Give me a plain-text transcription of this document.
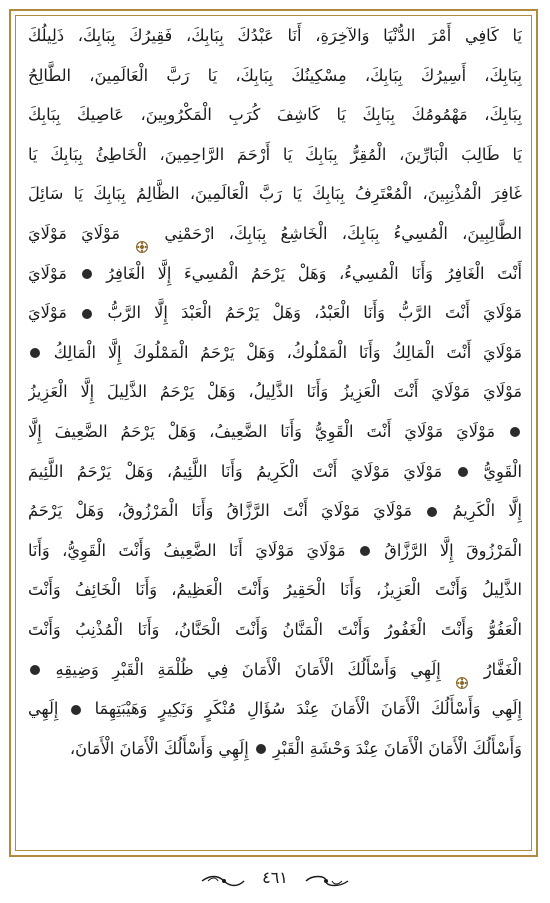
يَا كَافِي أَمْرَ الدُّنْيَا وَالآخِرَةِ، أَنَا عَبْدُكَ بِبَابِكَ، فَقِيرُكَ بِبَابِكَ، ذَلِيلُكَ
بِبَابِكَ، أَسِيرُكَ بِبَابِكَ، مِسْكِينُكَ بِبَابِكَ، يَا رَبَّ الْعَالَمِينَ، الطَّالِحُ
بِبَابِكَ، مَهْمُومُكَ بِبَابِكَ يَا كَاشِفَ كُرَبِ الْمَكْرُوبِينَ، عَاصِيكَ بِبَابِكَ
يَا طَالِبَ الْبَارِّينَ، الْمُقِرُّ بِبَابِكَ يَا أَرْحَمَ الرَّاحِمِينَ، الْخَاطِئُ بِبَابِكَ يَا
غَافِرَ الْمُذْنِبِينَ، الْمُعْتَرِفُ بِبَابِكَ يَا رَبَّ الْعَالَمِينَ، الظَّالِمُ بِبَابِكَ يَا سَائِلَ
الطَّالِبِينَ، الْمُسِيءُ بِبَابِكَ، الْخَاشِعُ بِبَابِكَ، ارْحَمْنِي  مَوْلَايَ مَوْلَايَ
أَنْتَ الْغَافِرُ وَأَنَا الْمُسِيءُ، وَهَلْ يَرْحَمُ الْمُسِيءَ إِلَّا الْغَافِرُ  مَوْلَايَ
مَوْلَايَ أَنْتَ الرَّبُّ وَأَنَا الْعَبْدُ، وَهَلْ يَرْحَمُ الْعَبْدَ إِلَّا الرَّبُّ  مَوْلَايَ
مَوْلَايَ أَنْتَ الْمَالِكُ وَأَنَا الْمَمْلُوكُ، وَهَلْ يَرْحَمُ الْمَمْلُوكَ إِلَّا الْمَالِكُ
مَوْلَايَ مَوْلَايَ أَنْتَ الْعَزِيزُ وَأَنَا الذَّلِيلُ، وَهَلْ يَرْحَمُ الذَّلِيلَ إِلَّا الْعَزِيزُ
مَوْلَايَ مَوْلَايَ أَنْتَ الْقَوِيُّ وَأَنَا الضَّعِيفُ، وَهَلْ يَرْحَمُ الضَّعِيفَ إِلَّا
الْقَوِيُّ  مَوْلَايَ مَوْلَايَ أَنْتَ الْكَرِيمُ وَأَنَا اللَّئِيمُ، وَهَلْ يَرْحَمُ اللَّئِيمَ
إِلَّا الْكَرِيمُ  مَوْلَايَ مَوْلَايَ أَنْتَ الرَّزَّاقُ وَأَنَا الْمَرْزُوقُ، وَهَلْ يَرْحَمُ
الْمَرْزُوقَ إِلَّا الرَّزَّاقُ  مَوْلَايَ مَوْلَايَ أَنَا الضَّعِيفُ وَأَنْتَ الْقَوِيُّ، وَأَنَا
الذَّلِيلُ وَأَنْتَ الْعَزِيزُ، وَأَنَا الْحَقِيرُ وَأَنْتَ الْعَظِيمُ، وَأَنَا الْخَائِفُ وَأَنْتَ
الْعَفُوُّ وَأَنْتَ الْغَفُورُ وَأَنْتَ الْمَنَّانُ وَأَنْتَ الْحَنَّانُ، وَأَنَا الْمُذْنِبُ وَأَنْتَ
الْغَفَّارُ  إِلَهِي وَأَسْأَلُكَ الْأَمَانَ الْأَمَانَ فِي ظُلْمَةِ الْقَبْرِ وَضِيقِهِ
إِلَهِي وَأَسْأَلُكَ الْأَمَانَ الْأَمَانَ عِنْدَ سُؤَالِ مُنْكَرٍ وَنَكِيرٍ وَهَيْبَتِهِمَا  إِلَهِي
وَأَسْأَلُكَ الْأَمَانَ الْأَمَانَ عِنْدَ وَحْشَةِ الْقَبْرِ  إِلَهِي وَأَسْأَلُكَ الْأَمَانَ الْأَمَانَ،
٤٦١
